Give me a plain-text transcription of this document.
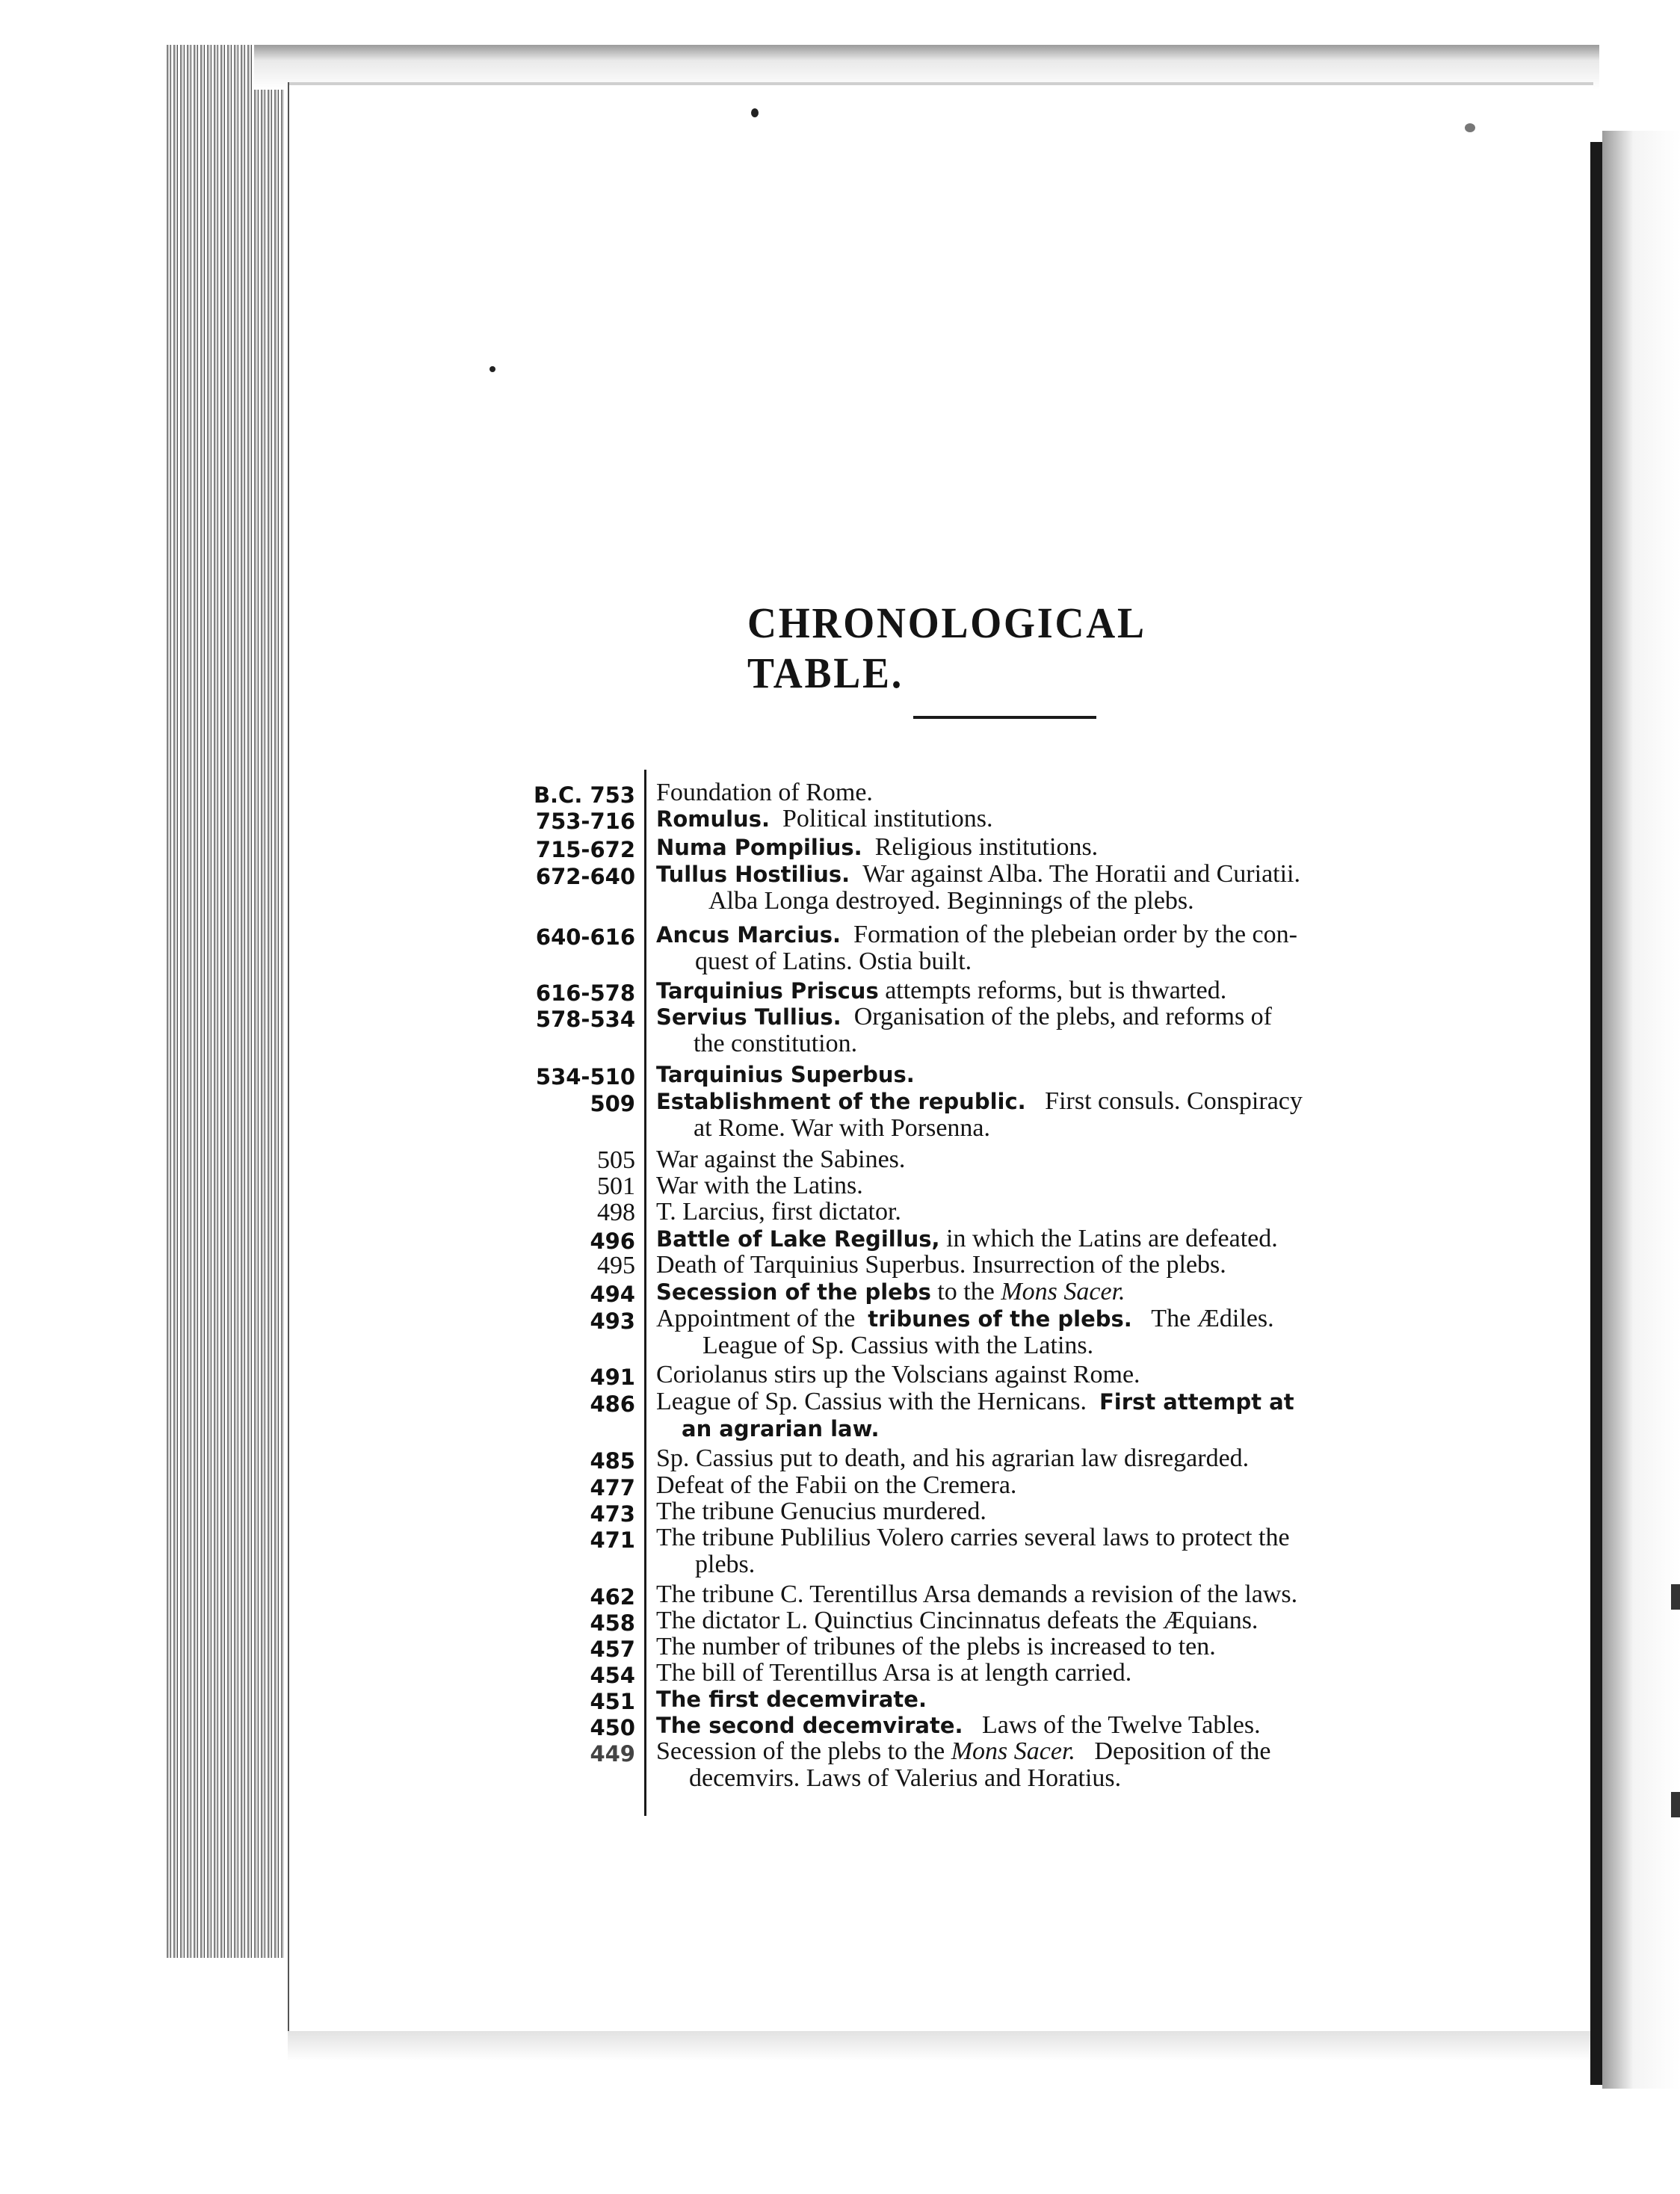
CHRONOLOGICAL TABLE.
B.C. 753 Foundation of Rome.
753-716 Romulus. Political institutions.
715-672 Numa Pompilius. Religious institutions.
672-640 Tullus Hostilius. War against Alba. The Horatii and Curiatii.
Alba Longa destroyed. Beginnings of the plebs.
640-616 Ancus Marcius. Formation of the plebeian order by the con-
quest of Latins. Ostia built.
616-578 Tarquinius Priscus attempts reforms, but is thwarted.
578-534 Servius Tullius. Organisation of the plebs, and reforms of
the constitution.
534-510 Tarquinius Superbus.
509 Establishment of the republic. First consuls. Conspiracy
at Rome. War with Porsenna.
505 War against the Sabines.
501 War with the Latins.
498 T. Larcius, first dictator.
496 Battle of Lake Regillus, in which the Latins are defeated.
495 Death of Tarquinius Superbus. Insurrection of the plebs.
494 Secession of the plebs to the Mons Sacer.
493 Appointment of the tribunes of the plebs. The Ædiles.
League of Sp. Cassius with the Latins.
491 Coriolanus stirs up the Volscians against Rome.
486 League of Sp. Cassius with the Hernicans. First attempt at
an agrarian law.
485 Sp. Cassius put to death, and his agrarian law disregarded.
477 Defeat of the Fabii on the Cremera.
473 The tribune Genucius murdered.
471 The tribune Publilius Volero carries several laws to protect the
plebs.
462 The tribune C. Terentillus Arsa demands a revision of the laws.
458 The dictator L. Quinctius Cincinnatus defeats the Æquians.
457 The number of tribunes of the plebs is increased to ten.
454 The bill of Terentillus Arsa is at length carried.
451 The first decemvirate.
450 The second decemvirate. Laws of the Twelve Tables.
449 Secession of the plebs to the Mons Sacer. Deposition of the
decemvirs. Laws of Valerius and Horatius.
